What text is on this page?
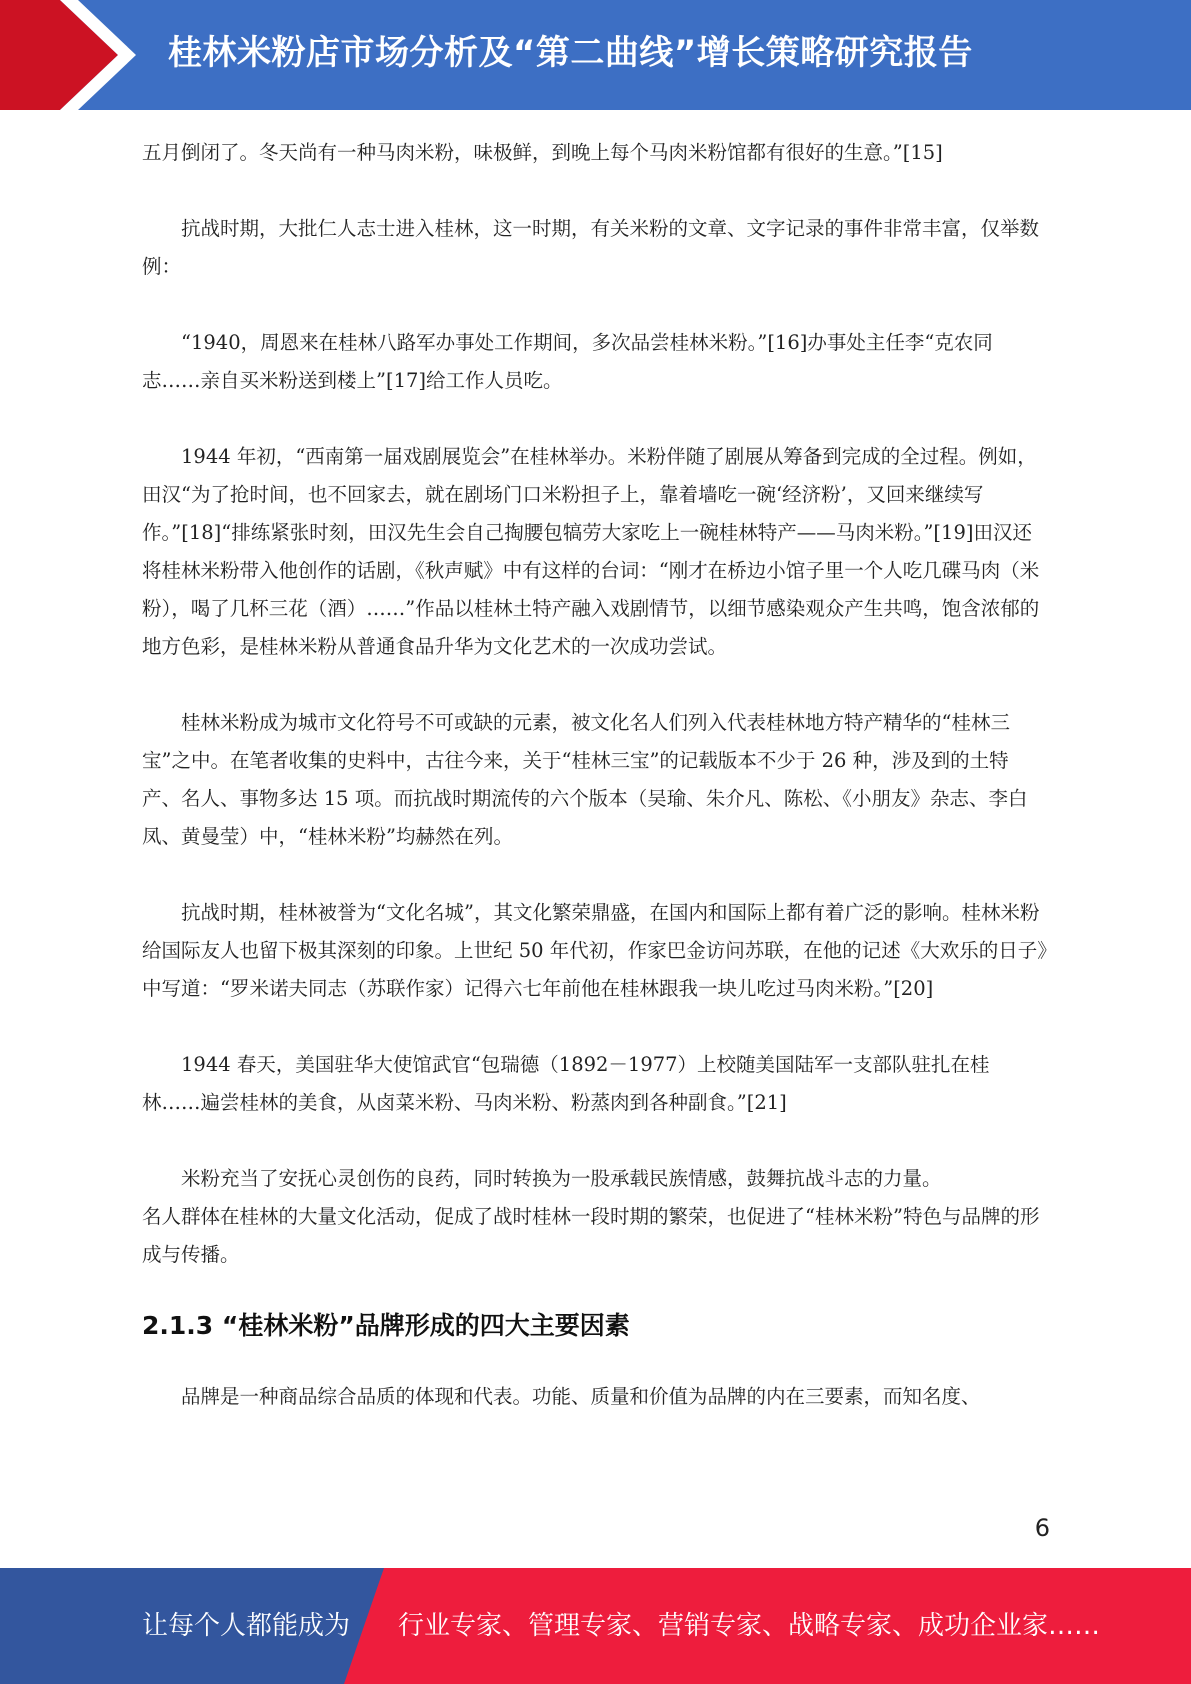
桂林米粉店市场分析及“第二曲线”增长策略研究报告

五月倒闭了。冬天尚有一种马肉米粉，味极鲜，到晚上每个马肉米粉馆都有很好的生意。”[15]

抗战时期，大批仁人志士进入桂林，这一时期，有关米粉的文章、文字记录的事件非常丰富，仅举数例：

“1940，周恩来在桂林八路军办事处工作期间，多次品尝桂林米粉。”[16]办事处主任李“克农同志……亲自买米粉送到楼上”[17]给工作人员吃。

1944 年初，“西南第一届戏剧展览会”在桂林举办。米粉伴随了剧展从筹备到完成的全过程。例如，田汉“为了抢时间，也不回家去，就在剧场门口米粉担子上，靠着墙吃一碗‘经济粉’，又回来继续写作。”[18]“排练紧张时刻，田汉先生会自己掏腰包犒劳大家吃上一碗桂林特产——马肉米粉。”[19]田汉还将桂林米粉带入他创作的话剧，《秋声赋》中有这样的台词：“刚才在桥边小馆子里一个人吃几碟马肉（米粉），喝了几杯三花（酒）……”作品以桂林土特产融入戏剧情节，以细节感染观众产生共鸣，饱含浓郁的地方色彩，是桂林米粉从普通食品升华为文化艺术的一次成功尝试。

桂林米粉成为城市文化符号不可或缺的元素，被文化名人们列入代表桂林地方特产精华的“桂林三宝”之中。在笔者收集的史料中，古往今来，关于“桂林三宝”的记载版本不少于 26 种，涉及到的土特产、名人、事物多达 15 项。而抗战时期流传的六个版本（吴瑜、朱介凡、陈松、《小朋友》杂志、李白凤、黄曼莹）中，“桂林米粉”均赫然在列。

抗战时期，桂林被誉为“文化名城”，其文化繁荣鼎盛，在国内和国际上都有着广泛的影响。桂林米粉给国际友人也留下极其深刻的印象。上世纪 50 年代初，作家巴金访问苏联，在他的记述《大欢乐的日子》中写道：“罗米诺夫同志（苏联作家）记得六七年前他在桂林跟我一块儿吃过马肉米粉。”[20]

1944 春天，美国驻华大使馆武官“包瑞德（1892－1977）上校随美国陆军一支部队驻扎在桂林……遍尝桂林的美食，从卤菜米粉、马肉米粉、粉蒸肉到各种副食。”[21]

米粉充当了安抚心灵创伤的良药，同时转换为一股承载民族情感，鼓舞抗战斗志的力量。

名人群体在桂林的大量文化活动，促成了战时桂林一段时期的繁荣，也促进了“桂林米粉”特色与品牌的形成与传播。

2.1.3 “桂林米粉”品牌形成的四大主要因素

品牌是一种商品综合品质的体现和代表。功能、质量和价值为品牌的内在三要素，而知名度、

6
让每个人都能成为 行业专家、管理专家、营销专家、战略专家、成功企业家……
